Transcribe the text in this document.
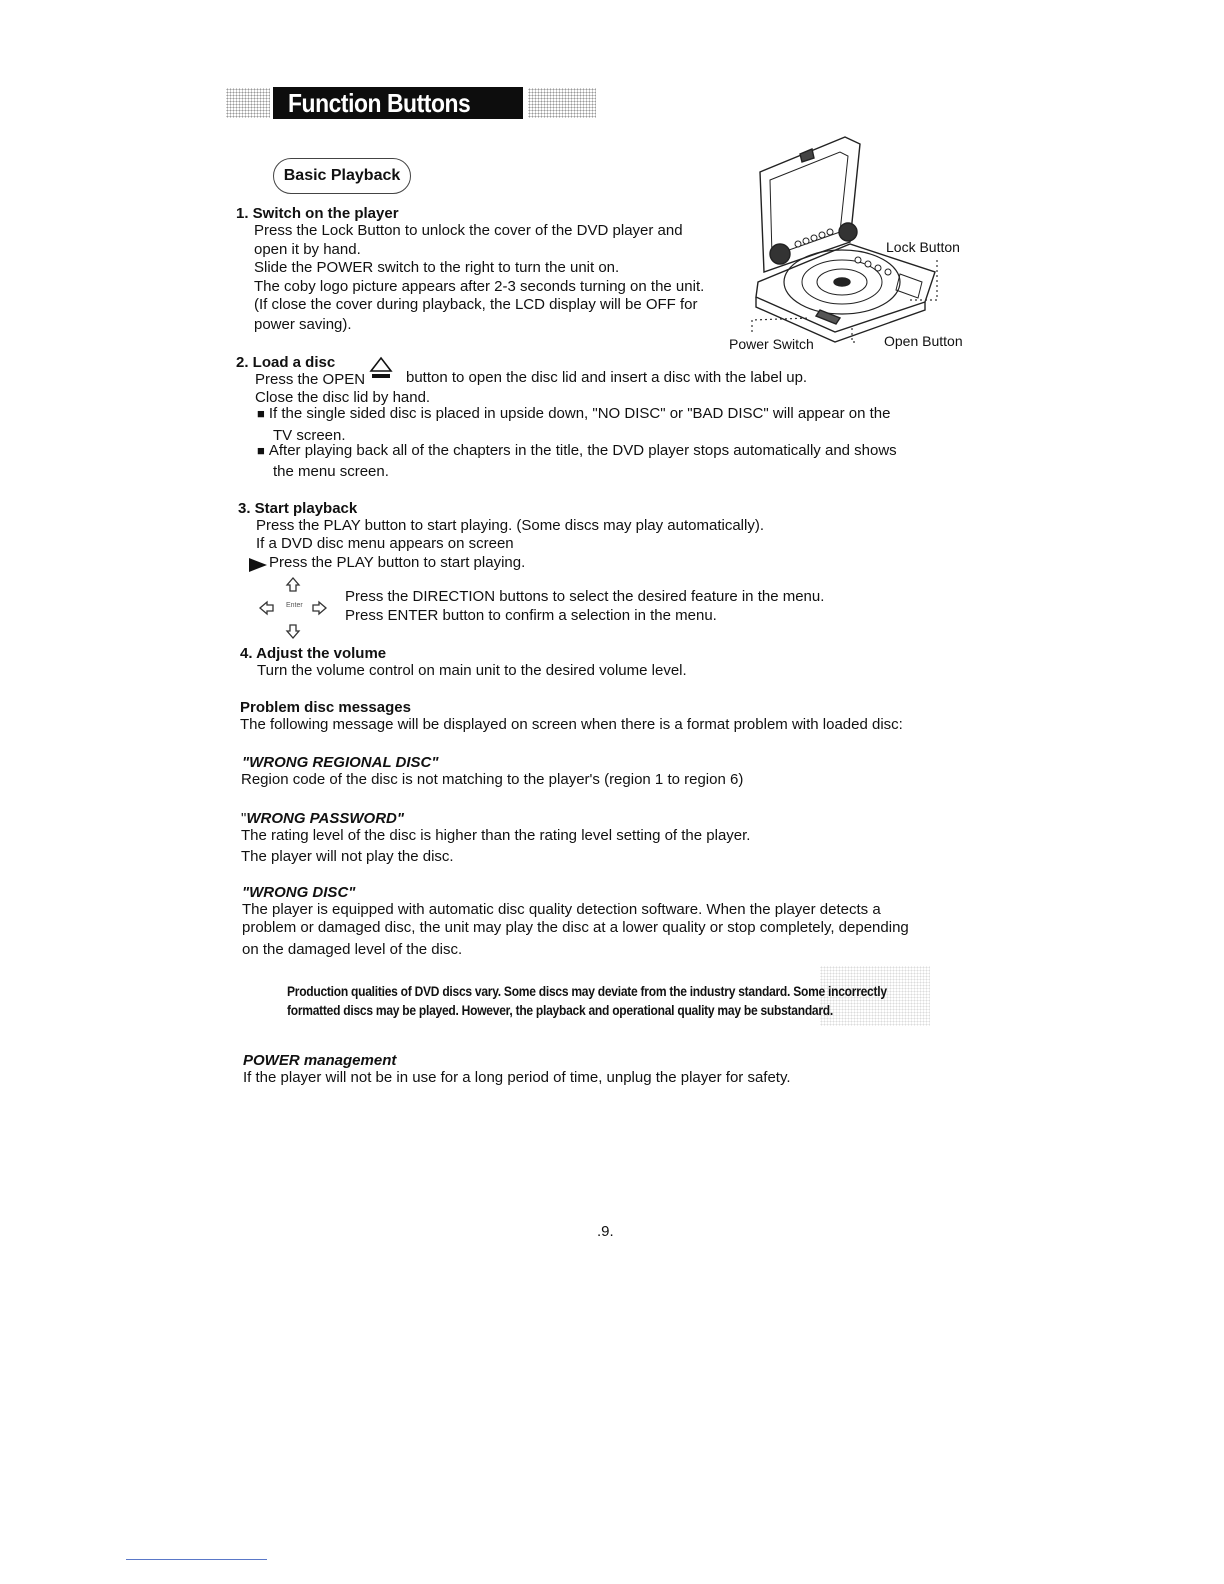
Function Buttons
Basic Playback
Lock Button
Power Switch	Open Button
1. Switch on the player
Press the Lock Button to unlock the cover of the DVD player and
open it by hand.
Slide the POWER switch to the right to turn the unit on.
The coby logo picture appears after 2-3 seconds turning on the unit.
(If close the cover during playback, the LCD display will be OFF for
power saving).
2. Load a disc
Press the OPEN	button to open the disc lid and insert a disc with the label up.
Close the disc lid by hand.
■ If the single sided disc is placed in upside down, "NO DISC" or "BAD DISC" will appear on the
TV screen.
■ After playing back all of the chapters in the title, the DVD player stops automatically and shows
the menu screen.
3. Start playback
Press the PLAY button to start playing. (Some discs may play automatically).
If a DVD disc menu appears on screen
Press the PLAY button to start playing.
Enter
Press the DIRECTION buttons to select the desired feature in the menu.
Press ENTER button to confirm a selection in the menu.
4. Adjust the volume
Turn the volume control on main unit to the desired volume level.
Problem disc messages
The following message will be displayed on screen when there is a format problem with loaded disc:
"WRONG REGIONAL DISC"
Region code of the disc is not matching to the player's (region 1 to region 6)
"WRONG PASSWORD"
The rating level of the disc is higher than the rating level setting of the player.
The player will not play the disc.
"WRONG DISC"
The player is equipped with automatic disc quality detection software. When the player detects a
problem or damaged disc, the unit may play the disc at a lower quality or stop completely, depending
on the damaged level of the disc.
Production qualities of DVD discs vary. Some discs may deviate from the industry standard. Some incorrectly
formatted discs may be played. However, the playback and operational quality may be substandard.
POWER management
If the player will not be in use for a long period of time, unplug the player for safety.
.9.
